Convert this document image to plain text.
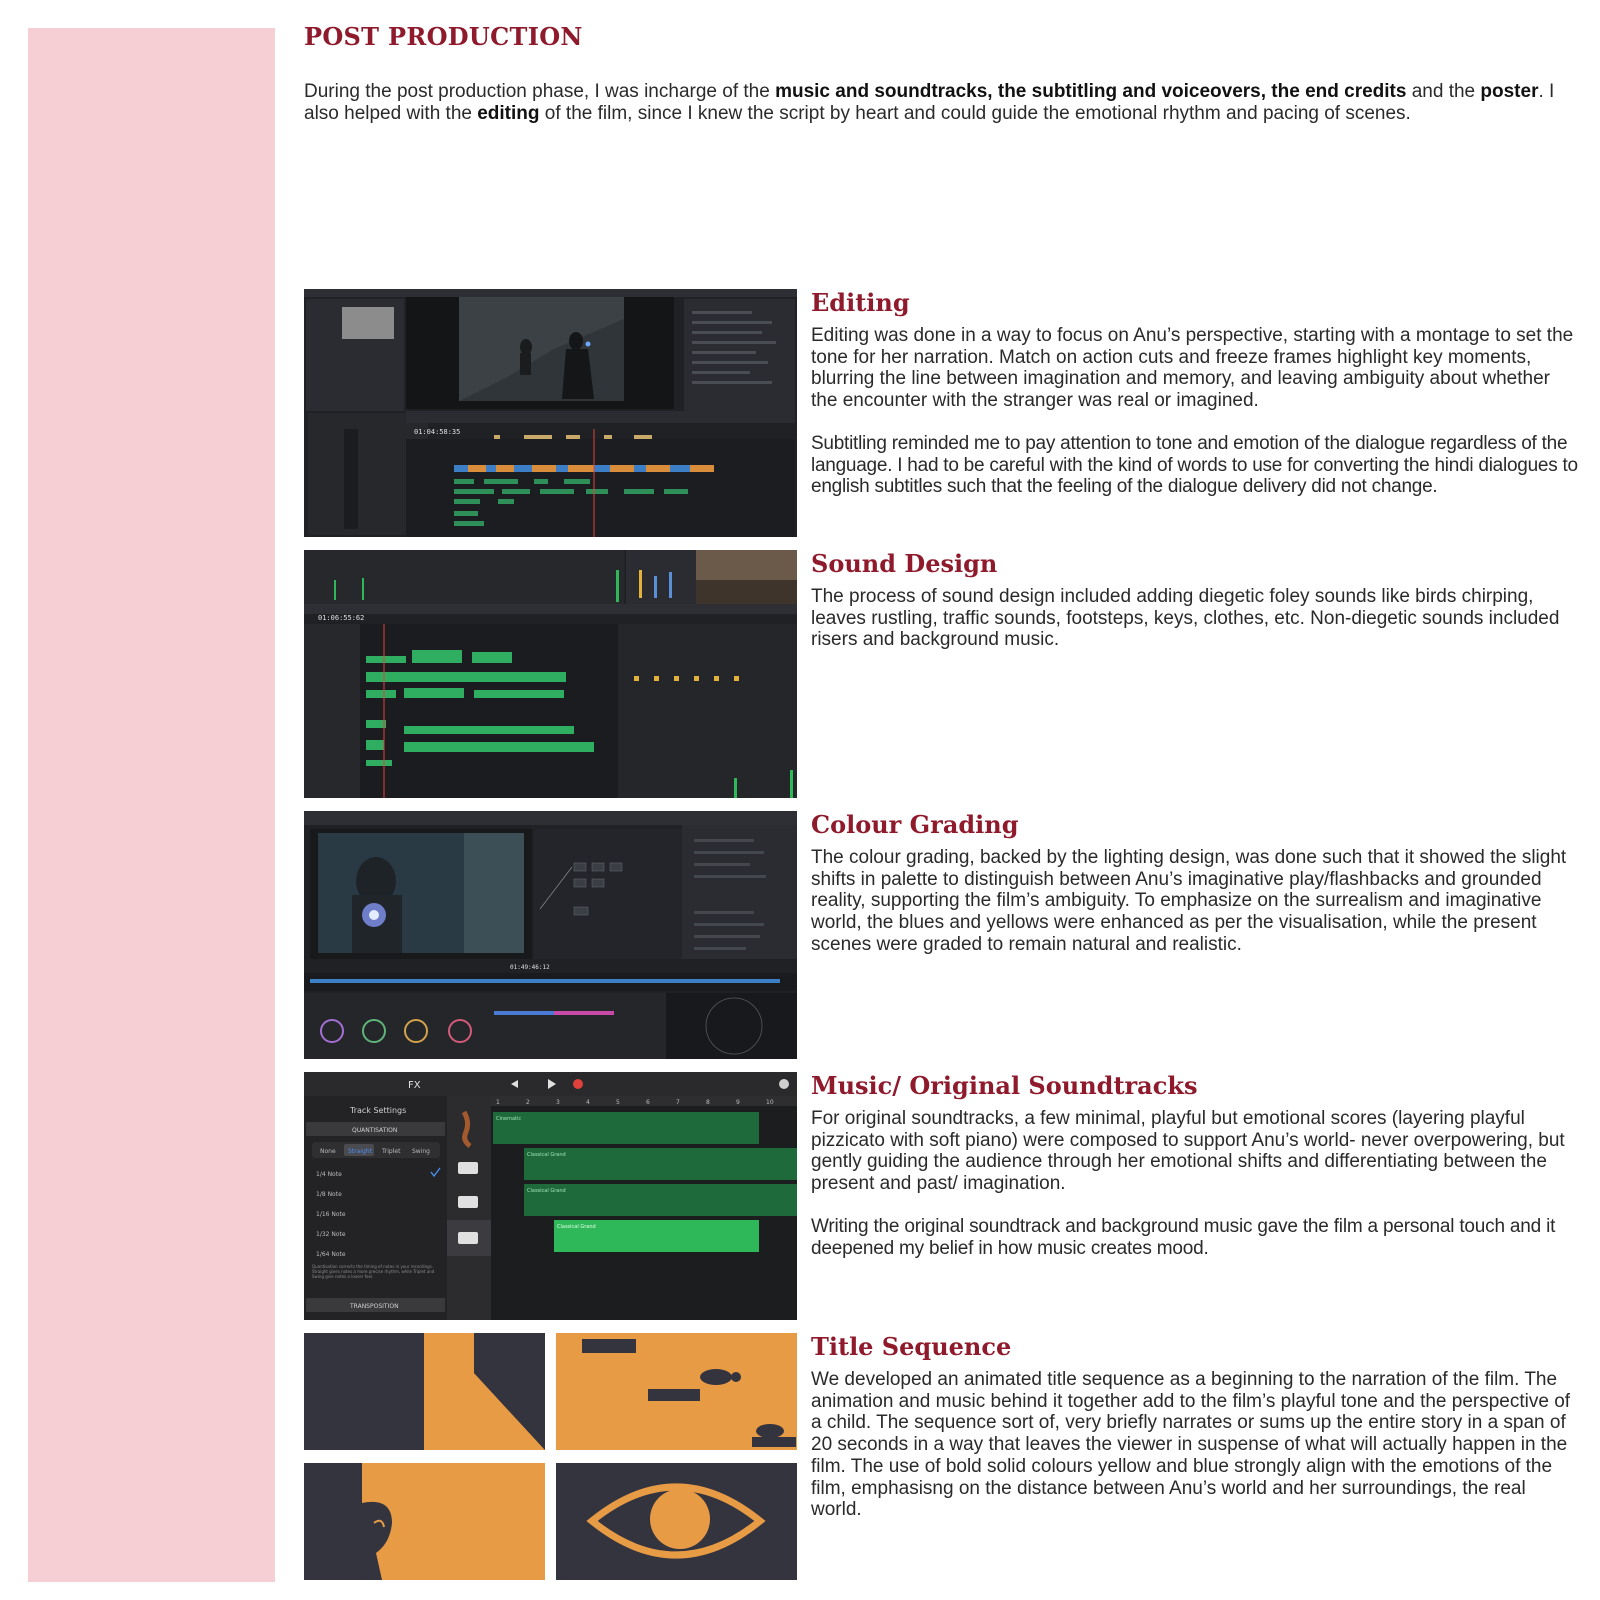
POST PRODUCTION

During the post production phase, I was incharge of the music and soundtracks, the subtitling and voiceovers, the end credits and the poster. I also helped with the editing of the film, since I knew the script by heart and could guide the emotional rhythm and pacing of scenes.

01:04:58:35
Editing

Editing was done in a way to focus on Anu’s perspective, starting with a montage to set the tone for her narration. Match on action cuts and freeze frames highlight key moments, blurring the line between imagination and memory, and leaving ambiguity about whether the encounter with the stranger was real or imagined.

Subtitling reminded me to pay attention to tone and emotion of the dialogue regardless of the language. I had to be careful with the kind of words to use for converting the hindi dialogues to english subtitles such that the feeling of the dialogue delivery did not change.

01:06:55:62
Sound Design

The process of sound design included adding diegetic foley sounds like birds chirping, leaves rustling, traffic sounds, footsteps, keys, clothes, etc. Non-diegetic sounds included risers and background music.

01:49:46:12
Colour Grading

The colour grading, backed by the lighting design, was done such that it showed the slight shifts in palette to distinguish between Anu’s imaginative play/flashbacks and grounded reality, supporting the film’s ambiguity. To emphasize on the surrealism and imaginative world, the blues and yellows were enhanced as per the visualisation, while the present scenes were graded to remain natural and realistic.

FX
Track Settings
QUANTISATION
None Straight Triplet Swing
1/4 Note
1/8 Note
1/16 Note
1/32 Note
1/64 Note
Quantisation corrects the timing of notes in your recordings. Straight gives notes a more precise rhythm, while Triplet and Swing give notes a looser feel.
TRANSPOSITION
1	2	3	4	5	6	7	8	9	10
Cinematic
Classical Grand
Classical Grand
Classical Grand
Music/ Original Soundtracks

For original soundtracks, a few minimal, playful but emotional scores (layering playful pizzicato with soft piano) were composed to support Anu’s world- never overpowering, but gently guiding the audience through her emotional shifts and differentiating between the present and past/ imagination.

Writing the original soundtrack and background music gave the film a personal touch and it deepened my belief in how music creates mood.

Title Sequence

We developed an animated title sequence as a beginning to the narration of the film. The animation and music behind it together add to the film’s playful tone and the perspective of a child. The sequence sort of, very briefly narrates or sums up the entire story in a span of 20 seconds in a way that leaves the viewer in suspense of what will actually happen in the film. The use of bold solid colours yellow and blue strongly align with the emotions of the film, emphasisng on the distance between Anu’s world and her surroundings, the real world.
